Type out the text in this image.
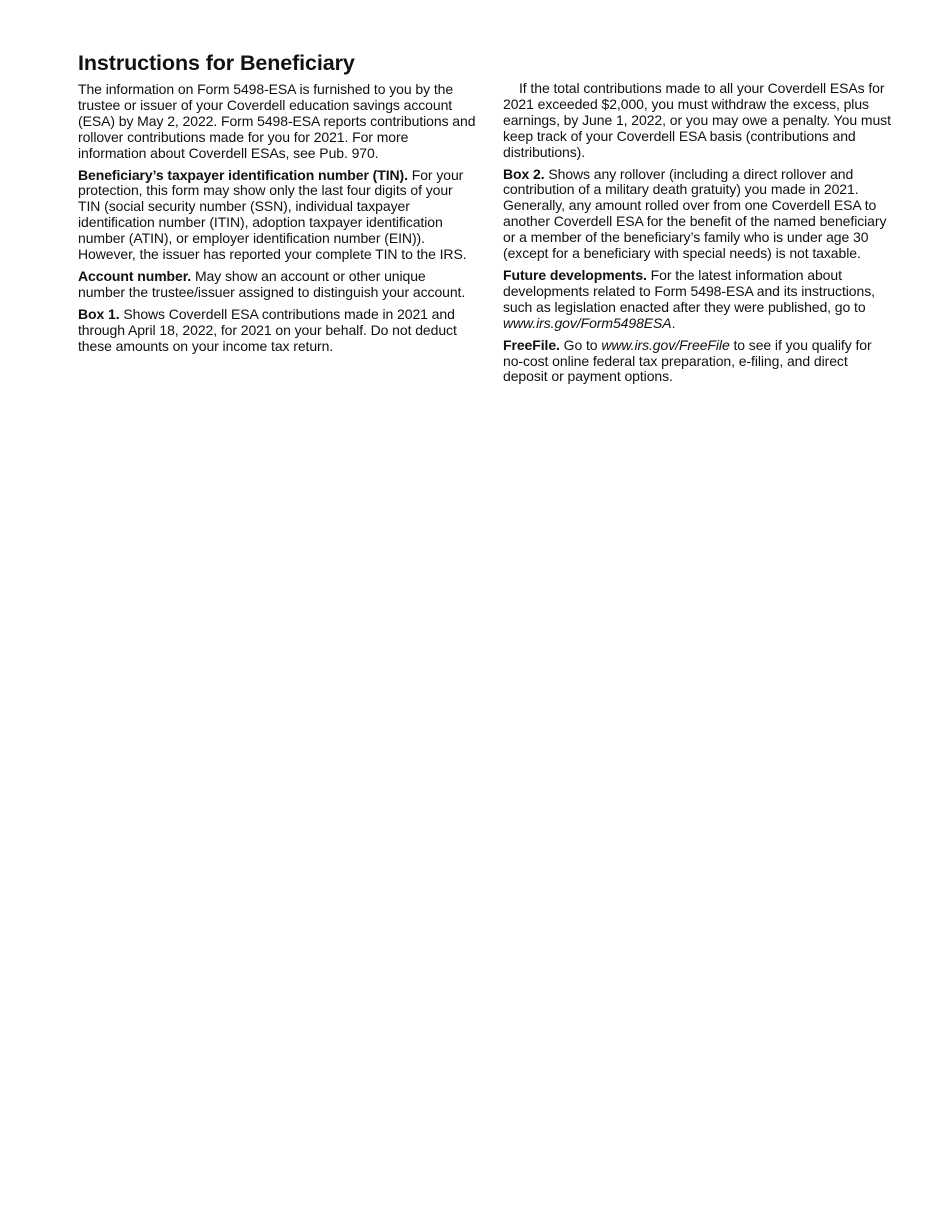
Instructions for Beneficiary

The information on Form 5498-ESA is furnished to you by the trustee or issuer of your Coverdell education savings account (ESA) by May 2, 2022. Form 5498-ESA reports contributions and rollover contributions made for you for 2021. For more information about Coverdell ESAs, see Pub. 970.

Beneficiary’s taxpayer identification number (TIN). For your protection, this form may show only the last four digits of your TIN (social security number (SSN), individual taxpayer identification number (ITIN), adoption taxpayer identification number (ATIN), or employer identification number (EIN)). However, the issuer has reported your complete TIN to the IRS.

Account number. May show an account or other unique number the trustee/issuer assigned to distinguish your account.

Box 1. Shows Coverdell ESA contributions made in 2021 and through April 18, 2022, for 2021 on your behalf. Do not deduct these amounts on your income tax return.

If the total contributions made to all your Coverdell ESAs for 2021 exceeded $2,000, you must withdraw the excess, plus earnings, by June 1, 2022, or you may owe a penalty. You must keep track of your Coverdell ESA basis (contributions and distributions).

Box 2. Shows any rollover (including a direct rollover and contribution of a military death gratuity) you made in 2021. Generally, any amount rolled over from one Coverdell ESA to another Coverdell ESA for the benefit of the named beneficiary or a member of the beneficiary’s family who is under age 30 (except for a beneficiary with special needs) is not taxable.

Future developments. For the latest information about developments related to Form 5498-ESA and its instructions, such as legislation enacted after they were published, go to www.irs.gov/Form5498ESA.

FreeFile. Go to www.irs.gov/FreeFile to see if you qualify for no-cost online federal tax preparation, e-filing, and direct deposit or payment options.
